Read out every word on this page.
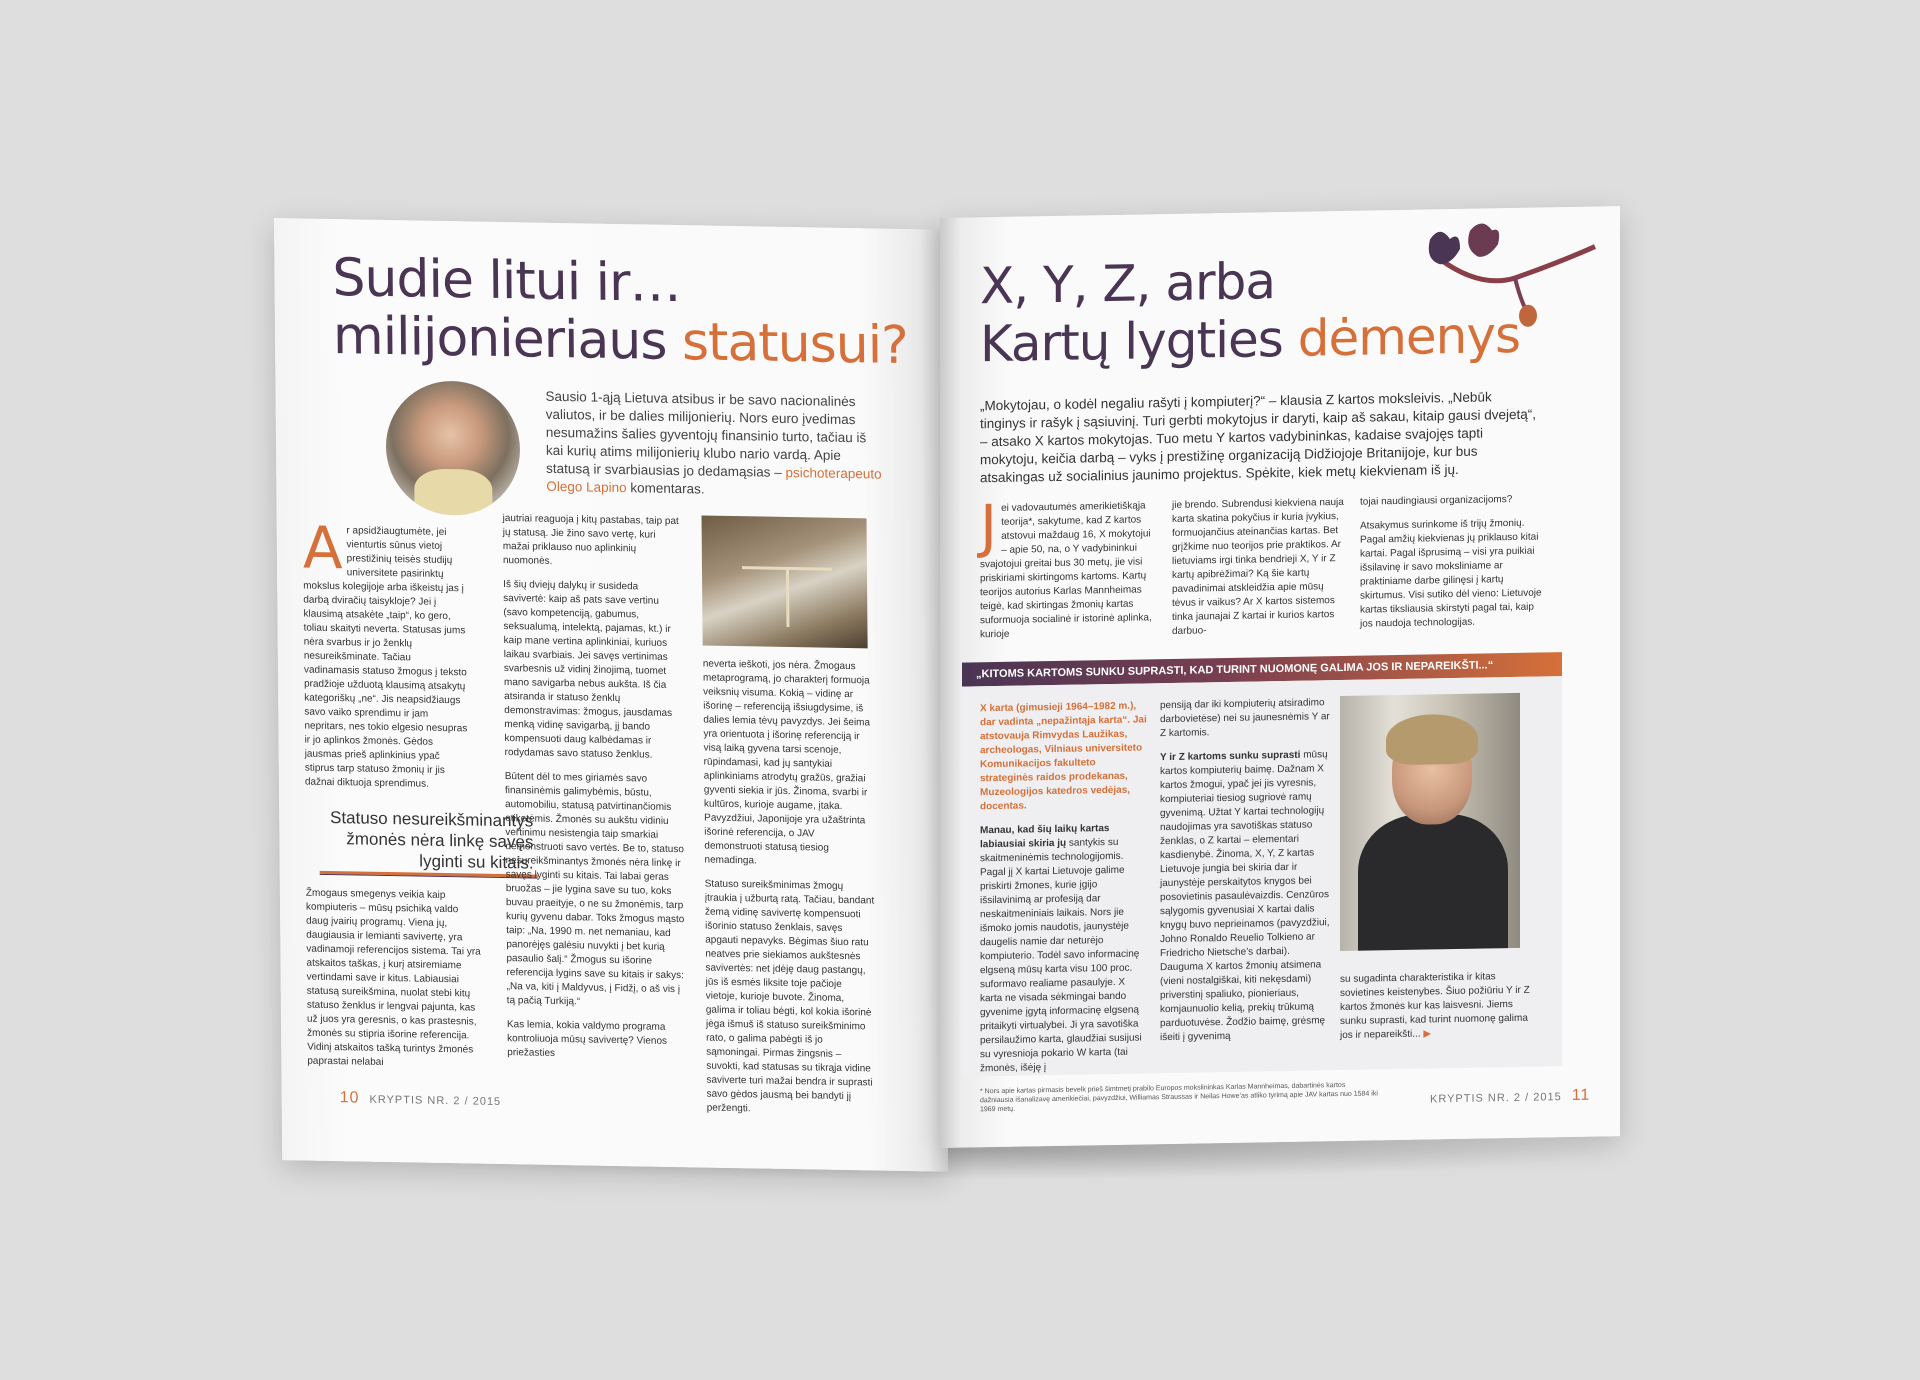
Sudie litui ir…
milijonieriaus statusui?
Sausio 1-ąją Lietuva atsibus ir be savo nacionalinės valiutos, ir be dalies milijonierių. Nors euro įvedimas nesumažins šalies gyventojų finansinio turto, tačiau iš kai kurių atims milijonierių klubo nario vardą. Apie statusą ir svarbiausias jo dedamąsias – psichoterapeuto Olego Lapino komentaras.
A r apsidžiaugtumėte, jei vienturtis sūnus vietoj prestižinių teisės studijų universitete pasirinktų mokslus kolegijoje arba iškeistų jas į darbą dviračių taisykloje? Jei į klausimą atsakėte „taip“, ko gero, toliau skaityti neverta. Statusas jums nėra svarbus ir jo ženklų nesureikšminate. Tačiau vadinamasis statuso žmogus į teksto pradžioje užduotą klausimą atsakytų kategoriškų „ne“. Jis neapsidžiaugs savo vaiko sprendimu ir jam nepritars, nes tokio elgesio nesupras ir jo aplinkos žmonės. Gėdos jausmas prieš aplinkinius ypač stiprus tarp statuso žmonių ir jis dažnai diktuoja sprendimus.
Statuso nesureikšminantys žmonės nėra linkę savęs lyginti su kitais.
Žmogaus smegenys veikia kaip kompiuteris – mūsų psichiką valdo daug įvairių programų. Viena jų, daugiausia ir lemianti savivertę, yra vadinamoji referencijos sistema. Tai yra atskaitos taškas, į kurį atsiremiame vertindami save ir kitus. Labiausiai statusą sureikšmina, nuolat stebi kitų statuso ženklus ir lengvai pajunta, kas už juos yra geresnis, o kas prastesnis, žmonės su stipria išorine referencija. Vidinį atskaitos tašką turintys žmonės paprastai nelabai

jautriai reaguoja į kitų pastabas, taip pat jų statusą. Jie žino savo vertę, kuri mažai priklauso nuo aplinkinių nuomonės.

Iš šių dviejų dalykų ir susideda savivertė: kaip aš pats save vertinu (savo kompetenciją, gabumus, seksualumą, intelektą, pajamas, kt.) ir kaip mane vertina aplinkiniai, kuriuos laikau svarbiais. Jei savęs vertinimas svarbesnis už vidinį žinojimą, tuomet mano savigarba nebus aukšta. Iš čia atsiranda ir statuso ženklų demonstravimas: žmogus, jausdamas menką vidinę savigarbą, jį bando kompensuoti daug kalbėdamas ir rodydamas savo statuso ženklus.

Būtent dėl to mes giriamės savo finansinėmis galimybėmis, būstu, automobiliu, statusą patvirtinančiomis etiketėmis. Žmonės su aukštu vidiniu vertinimu nesistengia taip smarkiai demonstruoti savo vertės. Be to, statuso nesureikšminantys žmonės nėra linkę ir savęs lyginti su kitais. Tai labai geras bruožas – jie lygina save su tuo, koks buvau praeityje, o ne su žmonėmis, tarp kurių gyvenu dabar. Toks žmogus mąsto taip: „Na, 1990 m. net nemaniau, kad panorėjęs galėsiu nuvykti į bet kurią pasaulio šalį.“ Žmogus su išorine referencija lygins save su kitais ir sakys: „Na va, kiti į Maldyvus, į Fidžį, o aš vis į tą pačią Turkiją.“

Kas lemia, kokia valdymo programa kontroliuoja mūsų savivertę? Vienos priežasties

neverta ieškoti, jos nėra. Žmogaus metaprogramą, jo charakterį formuoja veiksnių visuma. Kokią – vidinę ar išorinę – referenciją išsiugdysime, iš dalies lemia tėvų pavyzdys. Jei šeima yra orientuota į išorinę referenciją ir visą laiką gyvena tarsi scenoje, rūpindamasi, kad jų santykiai aplinkiniams atrodytų gražūs, gražiai gyventi siekia ir jūs. Žinoma, svarbi ir kultūros, kurioje augame, įtaka. Pavyzdžiui, Japonijoje yra užaštrinta išorinė referencija, o JAV demonstruoti statusą tiesiog nemadinga.

Statuso sureikšminimas žmogų įtraukia į užburtą ratą. Tačiau, bandant žemą vidinę savivertę kompensuoti išorinio statuso ženklais, savęs apgauti nepavyks. Bėgimas šiuo ratu neatves prie siekiamos aukštesnės savivertės: net įdėję daug pastangų, jūs iš esmės liksite toje pačioje vietoje, kurioje buvote. Žinoma, galima ir toliau bėgti, kol kokia išorinė jėga išmuš iš statuso sureikšminimo rato, o galima pabėgti iš jo sąmoningai. Pirmas žingsnis – suvokti, kad statusas su tikrąja vidine saviverte turi mažai bendra ir suprasti savo gėdos jausmą bei bandyti jį peržengti.

10 KRYPTIS NR. 2 / 2015
X, Y, Z, arba
Kartų lygties dėmenys
„Mokytojau, o kodėl negaliu rašyti į kompiuterį?“ – klausia Z kartos moksleivis. „Nebūk tinginys ir rašyk į sąsiuvinį. Turi gerbti mokytojus ir daryti, kaip aš sakau, kitaip gausi dvejetą“, – atsako X kartos mokytojas. Tuo metu Y kartos vadybininkas, kadaise svajojęs tapti mokytoju, keičia darbą – vyks į prestižinę organizaciją Didžiojoje Britanijoje, kur bus atsakingas už socialinius jaunimo projektus. Spėkite, kiek metų kiekvienam iš jų.
J ei vadovautumės amerikietiškąja teorija*, sakytume, kad Z kartos atstovui maždaug 16, X mokytojui – apie 50, na, o Y vadybininkui svajotojui greitai bus 30 metų, jie visi priskiriami skirtingoms kartoms. Kartų teorijos autorius Karlas Mannheimas teigė, kad skirtingas žmonių kartas suformuoja socialinė ir istorinė aplinka, kurioje
jie brendo. Subrendusi kiekviena nauja karta skatina pokyčius ir kuria įvykius, formuojančius ateinančias kartas. Bet grįžkime nuo teorijos prie praktikos. Ar lietuviams irgi tinka bendriejі X, Y ir Z kartų apibrėžimai? Ką šie kartų pavadinimai atskleidžia apie mūsų tėvus ir vaikus? Ar X kartos sistemos tinka jaunajai Z kartai ir kurios kartos darbuo-

tojai naudingiausi organizacijoms?

Atsakymus surinkome iš trijų žmonių. Pagal amžių kiekvienas jų priklauso kitai kartai. Pagal išprusimą – visi yra puikiai išsilavinę ir savo moksliniame ar praktiniame darbe gilinęsi į kartų skirtumus. Visi sutiko dėl vieno: Lietuvoje kartas tiksliausia skirstyti pagal tai, kaip jos naudoja technologijas.

„KITOMS KARTOMS SUNKU SUPRASTI, KAD TURINT NUOMONĘ GALIMA JOS IR NEPAREIKŠTI...“

X karta (gimusieji 1964–1982 m.), dar vadinta „nepažintąja karta“. Jai atstovauja Rimvydas Laužikas, archeologas, Vilniaus universiteto Komunikacijos fakulteto strateginės raidos prodekanas, Muzeologijos katedros vedėjas, docentas.

Manau, kad šių laikų kartas labiausiai skiria jų santykis su skaitmeninėmis technologijomis. Pagal jį X kartai Lietuvoje galime priskirti žmones, kurie įgijo išsilavinimą ar profesiją dar neskaitmeniniais laikais. Nors jie išmoko jomis naudotis, jaunystėje daugelis namie dar neturėjo kompiuterio. Todėl savo informacinę elgseną mūsų karta visu 100 proc. suformavo realiame pasaulyje. X karta ne visada sėkmingai bando gyvenime įgytą informacinę elgseną pritaikyti virtualybei. Ji yra savotiška persilaužimo karta, glaudžiai susijusi su vyresnioja pokario W karta (tai žmonės, išėję į

pensiją dar iki kompiuterių atsiradimo darbovietėse) nei su jaunesnėmis Y ar Z kartomis.

Y ir Z kartoms sunku suprasti mūsų kartos kompiuterių baimę. Dažnam X kartos žmogui, ypač jei jis vyresnis, kompiuteriai tiesiog sugriovė ramų gyvenimą. Užtat Y kartai technologijų naudojimas yra savotiškas statuso ženklas, o Z kartai – elementari kasdienybė. Žinoma, X, Y, Z kartas Lietuvoje jungia bei skiria dar ir jaunystėje perskaitytos knygos bei posovietinis pasaulėvaizdis. Cenzūros sąlygomis gyvenusiai X kartai dalis knygų buvo neprieinamos (pavyzdžiui, Johno Ronaldo Reuelio Tolkieno ar Friedricho Nietsche’s darbai). Dauguma X kartos žmonių atsimena (vieni nostalgiškai, kiti nekęsdami) priverstinį spaliuko, pionieriaus, komjaunuolio kelią, prekių trūkumą parduotuvėse. Žodžio baimę, grėsmę išeiti į gyvenimą

su sugadinta charakteristika ir kitas sovietines keistenybes. Šiuo požiūriu Y ir Z kartos žmonės kur kas laisvesni. Jiems sunku suprasti, kad turint nuomonę galima jos ir nepareikšti... ▶
* Nors apie kartas pirmasis bevelk prieš šimtmetį prabilo Europos mokslininkas Karlas Mannheimas, dabartinės kartos dažniausia išanalizavę amerikiečiai, pavyzdžiui, Williamas Straussas ir Neilas Howe’as atliko tyrimą apie JAV kartas nuo 1584 iki 1969 metų.
KRYPTIS NR. 2 / 2015 11
